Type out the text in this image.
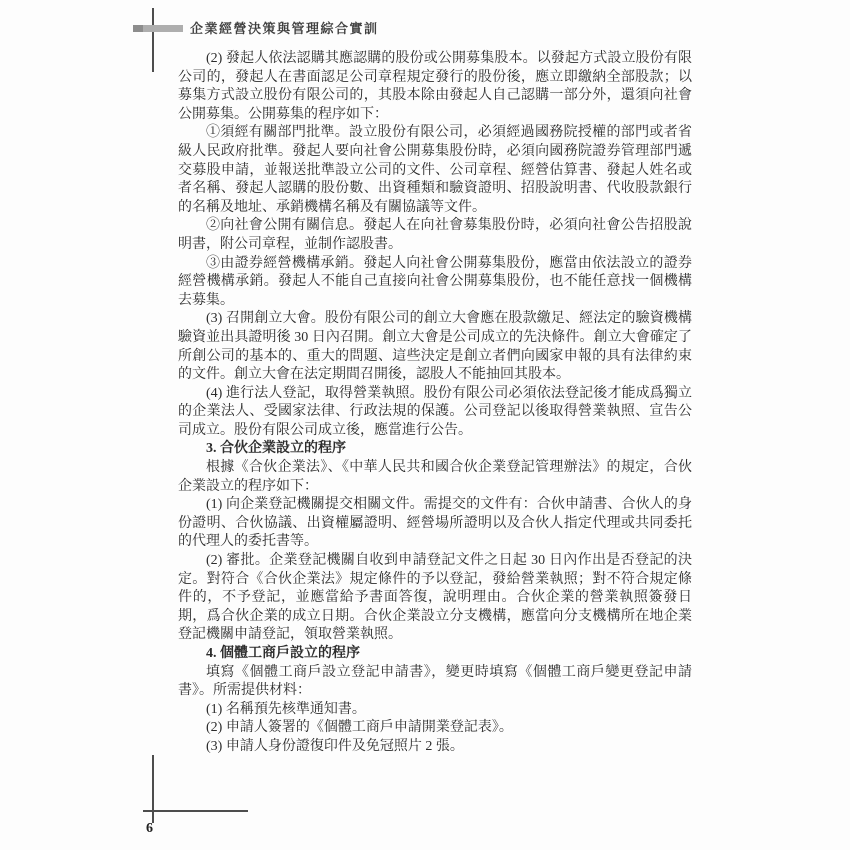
企業經營決策與管理綜合實訓

(2) 發起人依法認購其應認購的股份或公開募集股本。以發起方式設立股份有限公司的，發起人在書面認足公司章程規定發行的股份後，應立即繳納全部股款；以募集方式設立股份有限公司的，其股本除由發起人自己認購一部分外，還須向社會公開募集。公開募集的程序如下：

①須經有關部門批準。設立股份有限公司，必須經過國務院授權的部門或者省級人民政府批準。發起人要向社會公開募集股份時，必須向國務院證券管理部門遞交募股申請，並報送批準設立公司的文件、公司章程、經營估算書、發起人姓名或者名稱、發起人認購的股份數、出資種類和驗資證明、招股說明書、代收股款銀行的名稱及地址、承銷機構名稱及有關協議等文件。

②向社會公開有關信息。發起人在向社會募集股份時，必須向社會公告招股說明書，附公司章程，並制作認股書。

③由證券經營機構承銷。發起人向社會公開募集股份，應當由依法設立的證券經營機構承銷。發起人不能自己直接向社會公開募集股份，也不能任意找一個機構去募集。

(3) 召開創立大會。股份有限公司的創立大會應在股款繳足、經法定的驗資機構驗資並出具證明後 30 日內召開。創立大會是公司成立的先決條件。創立大會確定了所創公司的基本的、重大的問題、這些決定是創立者們向國家申報的具有法律約束的文件。創立大會在法定期間召開後，認股人不能抽回其股本。

(4) 進行法人登記，取得營業執照。股份有限公司必須依法登記後才能成爲獨立的企業法人、受國家法律、行政法規的保護。公司登記以後取得營業執照、宣告公司成立。股份有限公司成立後，應當進行公告。

3. 合伙企業設立的程序

根據《合伙企業法》、《中華人民共和國合伙企業登記管理辦法》的規定，合伙企業設立的程序如下：

(1) 向企業登記機關提交相關文件。需提交的文件有：合伙申請書、合伙人的身份證明、合伙協議、出資權屬證明、經營場所證明以及合伙人指定代理或共同委托的代理人的委托書等。

(2) 審批。企業登記機關自收到申請登記文件之日起 30 日內作出是否登記的決定。對符合《合伙企業法》規定條件的予以登記，發給營業執照；對不符合規定條件的，不予登記，並應當給予書面答復，說明理由。合伙企業的營業執照簽發日期，爲合伙企業的成立日期。合伙企業設立分支機構，應當向分支機構所在地企業登記機關申請登記，領取營業執照。

4. 個體工商戶設立的程序

填寫《個體工商戶設立登記申請書》，變更時填寫《個體工商戶變更登記申請書》。所需提供材料：

(1) 名稱預先核準通知書。

(2) 申請人簽署的《個體工商戶申請開業登記表》。

(3) 申請人身份證復印件及免冠照片 2 張。

6
